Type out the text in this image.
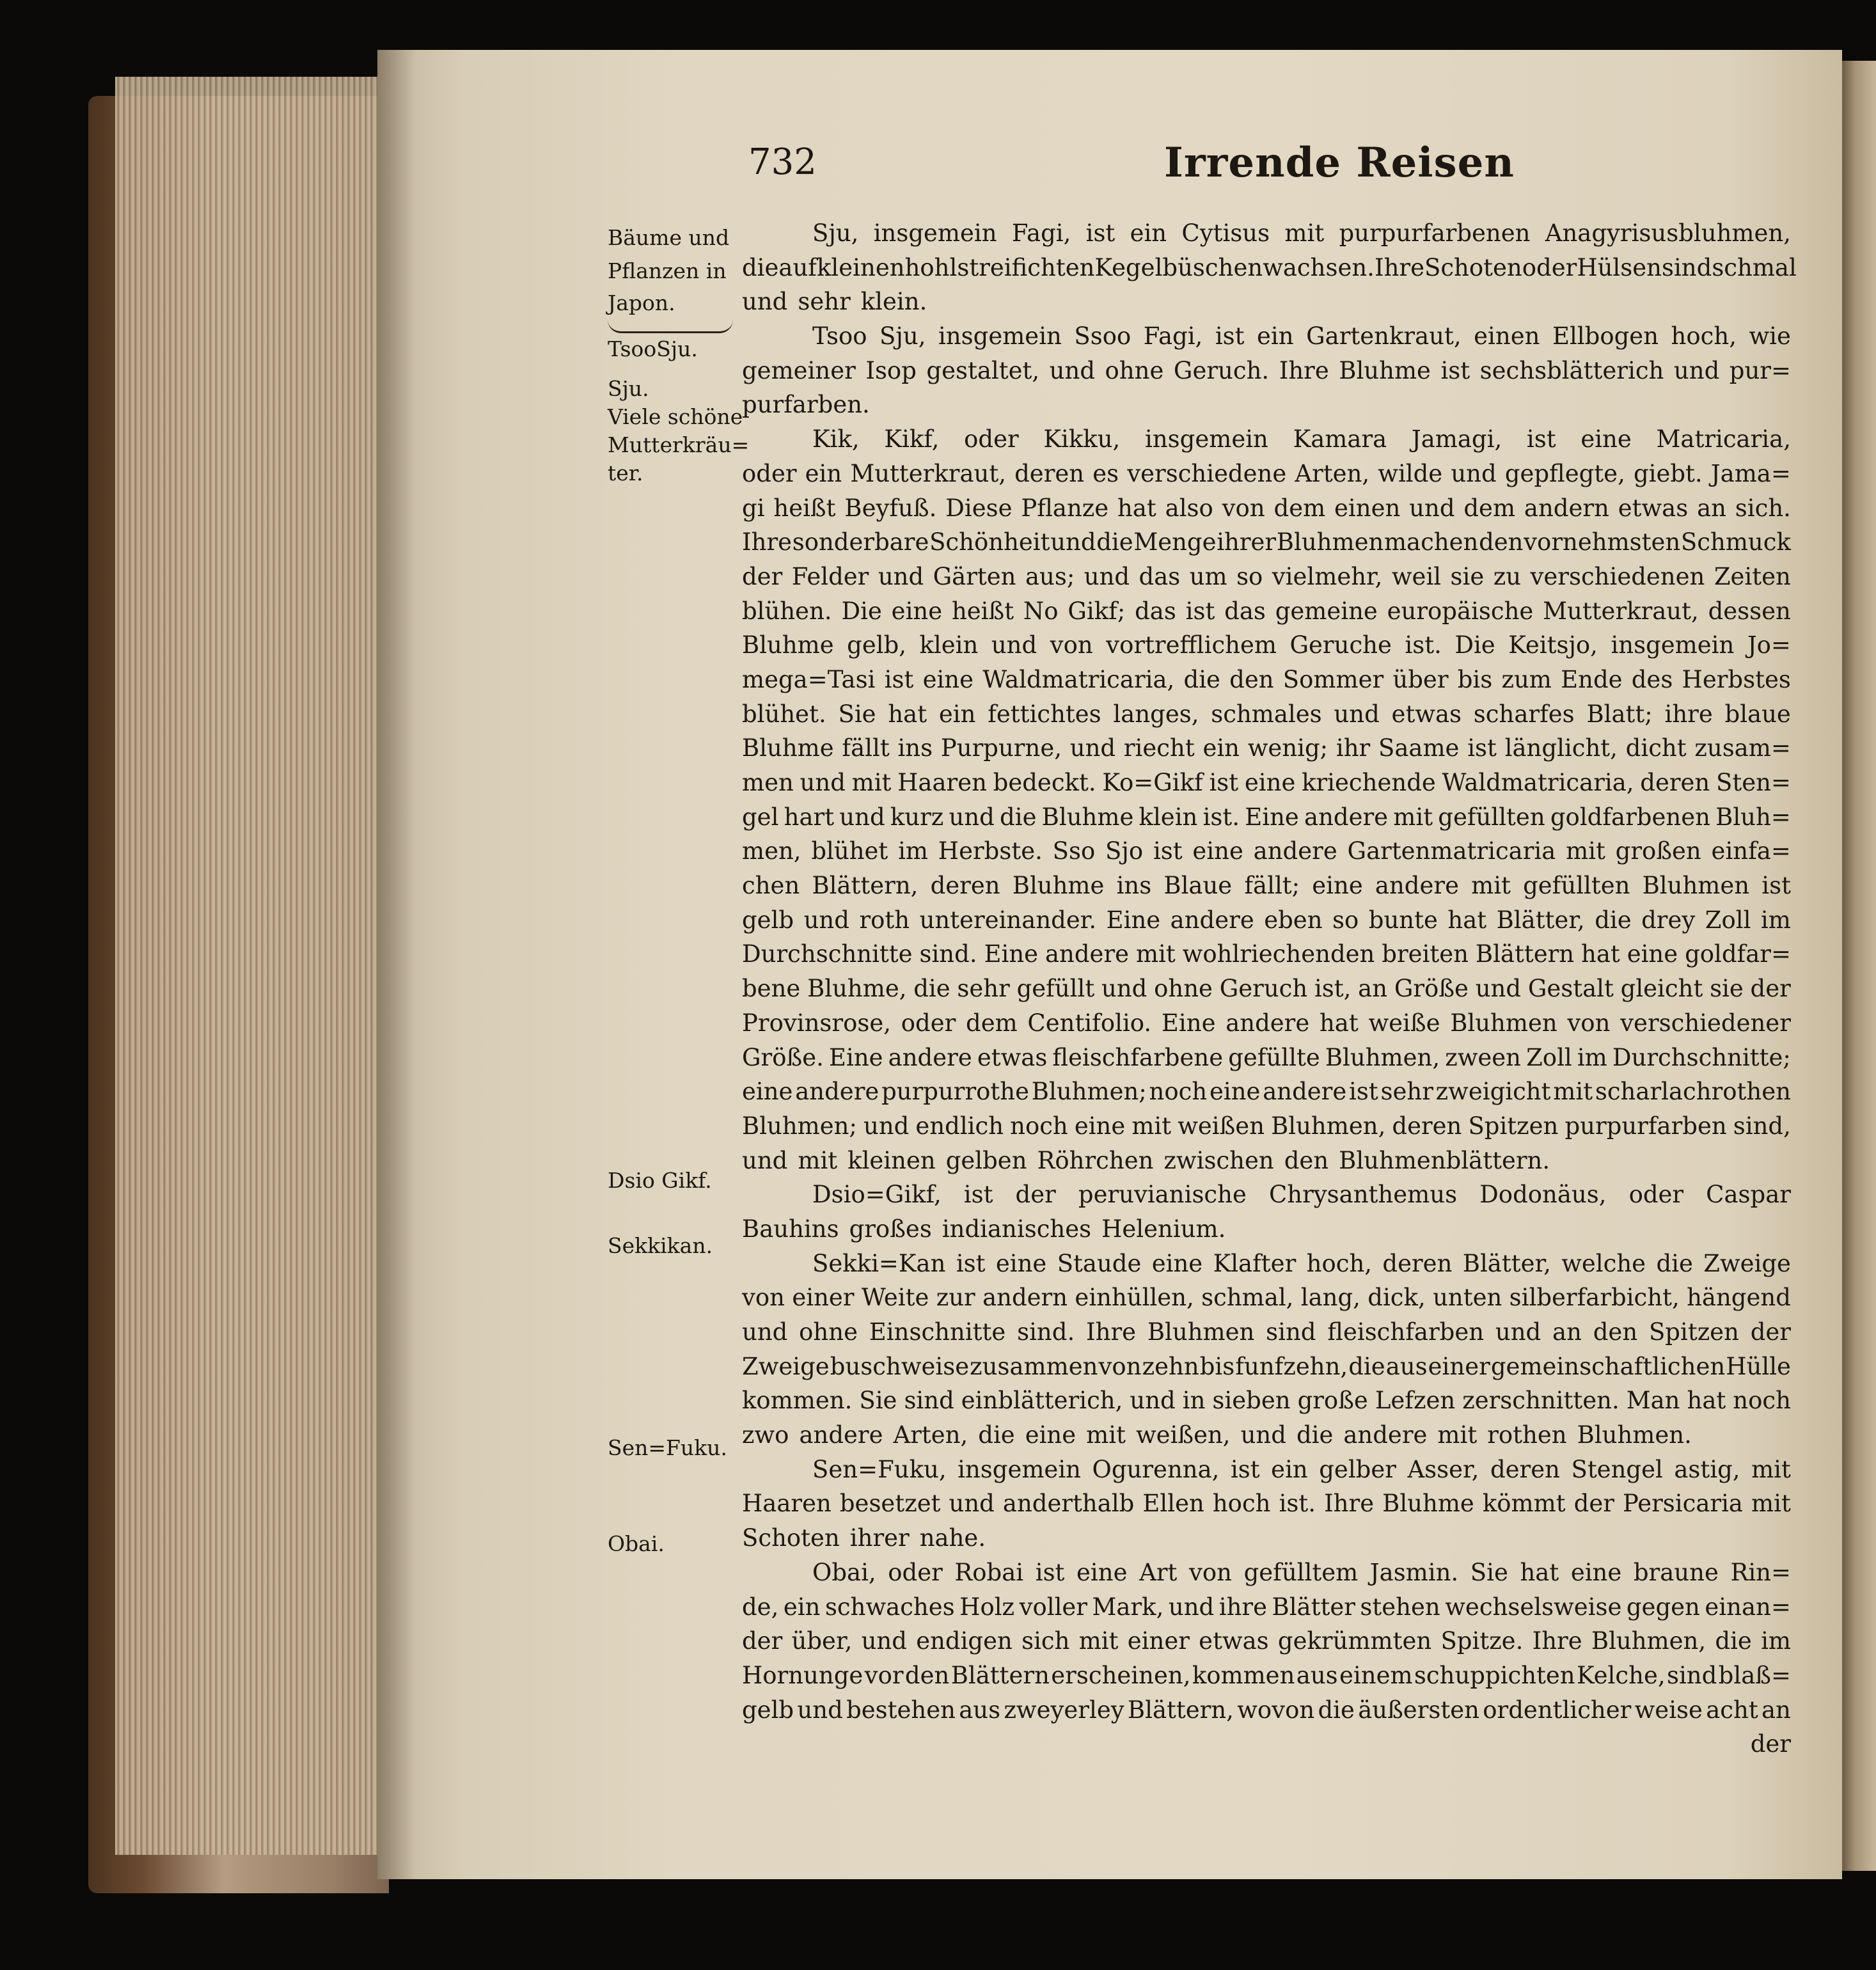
732	Irrende Reisen
Bäume und
Pflanzen in
Japon.
TsooSju.
Sju.
Viele schöne
Mutterkräu=
ter.
Dsio Gikf.
Sekkikan.
Sen=Fuku.
Obai.
Sju, insgemein Fagi, ist ein Cytisus mit purpurfarbenen Anagyrisusbluhmen,
die auf kleinen hohlstreifichten Kegelbüschen wachsen. Ihre Schoten oder Hülsen sind schmal
und sehr klein.
Tsoo Sju, insgemein Ssoo Fagi, ist ein Gartenkraut, einen Ellbogen hoch, wie
gemeiner Isop gestaltet, und ohne Geruch. Ihre Bluhme ist sechsblätterich und pur=
purfarben.
Kik, Kikf, oder Kikku, insgemein Kamara Jamagi, ist eine Matricaria,
oder ein Mutterkraut, deren es verschiedene Arten, wilde und gepflegte, giebt. Jama=
gi heißt Beyfuß. Diese Pflanze hat also von dem einen und dem andern etwas an sich.
Ihre sonderbare Schönheit und die Menge ihrer Bluhmen machen den vornehmsten Schmuck
der Felder und Gärten aus; und das um so vielmehr, weil sie zu verschiedenen Zeiten
blühen. Die eine heißt No Gikf; das ist das gemeine europäische Mutterkraut, dessen
Bluhme gelb, klein und von vortrefflichem Geruche ist. Die Keitsjo, insgemein Jo=
mega=Tasi ist eine Waldmatricaria, die den Sommer über bis zum Ende des Herbstes
blühet. Sie hat ein fettichtes langes, schmales und etwas scharfes Blatt; ihre blaue
Bluhme fällt ins Purpurne, und riecht ein wenig; ihr Saame ist länglicht, dicht zusam=
men und mit Haaren bedeckt. Ko=Gikf ist eine kriechende Waldmatricaria, deren Sten=
gel hart und kurz und die Bluhme klein ist. Eine andere mit gefüllten goldfarbenen Bluh=
men, blühet im Herbste. Sso Sjo ist eine andere Gartenmatricaria mit großen einfa=
chen Blättern, deren Bluhme ins Blaue fällt; eine andere mit gefüllten Bluhmen ist
gelb und roth untereinander. Eine andere eben so bunte hat Blätter, die drey Zoll im
Durchschnitte sind. Eine andere mit wohlriechenden breiten Blättern hat eine goldfar=
bene Bluhme, die sehr gefüllt und ohne Geruch ist, an Größe und Gestalt gleicht sie der
Provinsrose, oder dem Centifolio. Eine andere hat weiße Bluhmen von verschiedener
Größe. Eine andere etwas fleischfarbene gefüllte Bluhmen, zween Zoll im Durchschnitte;
eine andere purpurrothe Bluhmen; noch eine andere ist sehr zweigicht mit scharlachrothen
Bluhmen; und endlich noch eine mit weißen Bluhmen, deren Spitzen purpurfarben sind,
und mit kleinen gelben Röhrchen zwischen den Bluhmenblättern.
Dsio=Gikf, ist der peruvianische Chrysanthemus Dodonäus, oder Caspar
Bauhins großes indianisches Helenium.
Sekki=Kan ist eine Staude eine Klafter hoch, deren Blätter, welche die Zweige
von einer Weite zur andern einhüllen, schmal, lang, dick, unten silberfarbicht, hängend
und ohne Einschnitte sind. Ihre Bluhmen sind fleischfarben und an den Spitzen der
Zweige buschweise zusammen von zehn bis funfzehn, die aus einer gemeinschaftlichen Hülle
kommen. Sie sind einblätterich, und in sieben große Lefzen zerschnitten. Man hat noch
zwo andere Arten, die eine mit weißen, und die andere mit rothen Bluhmen.
Sen=Fuku, insgemein Ogurenna, ist ein gelber Asser, deren Stengel astig, mit
Haaren besetzet und anderthalb Ellen hoch ist. Ihre Bluhme kömmt der Persicaria mit
Schoten ihrer nahe.
Obai, oder Robai ist eine Art von gefülltem Jasmin. Sie hat eine braune Rin=
de, ein schwaches Holz voller Mark, und ihre Blätter stehen wechselsweise gegen einan=
der über, und endigen sich mit einer etwas gekrümmten Spitze. Ihre Bluhmen, die im
Hornunge vor den Blättern erscheinen, kommen aus einem schuppichten Kelche, sind blaß=
gelb und bestehen aus zweyerley Blättern, wovon die äußersten ordentlicher weise acht an
der
